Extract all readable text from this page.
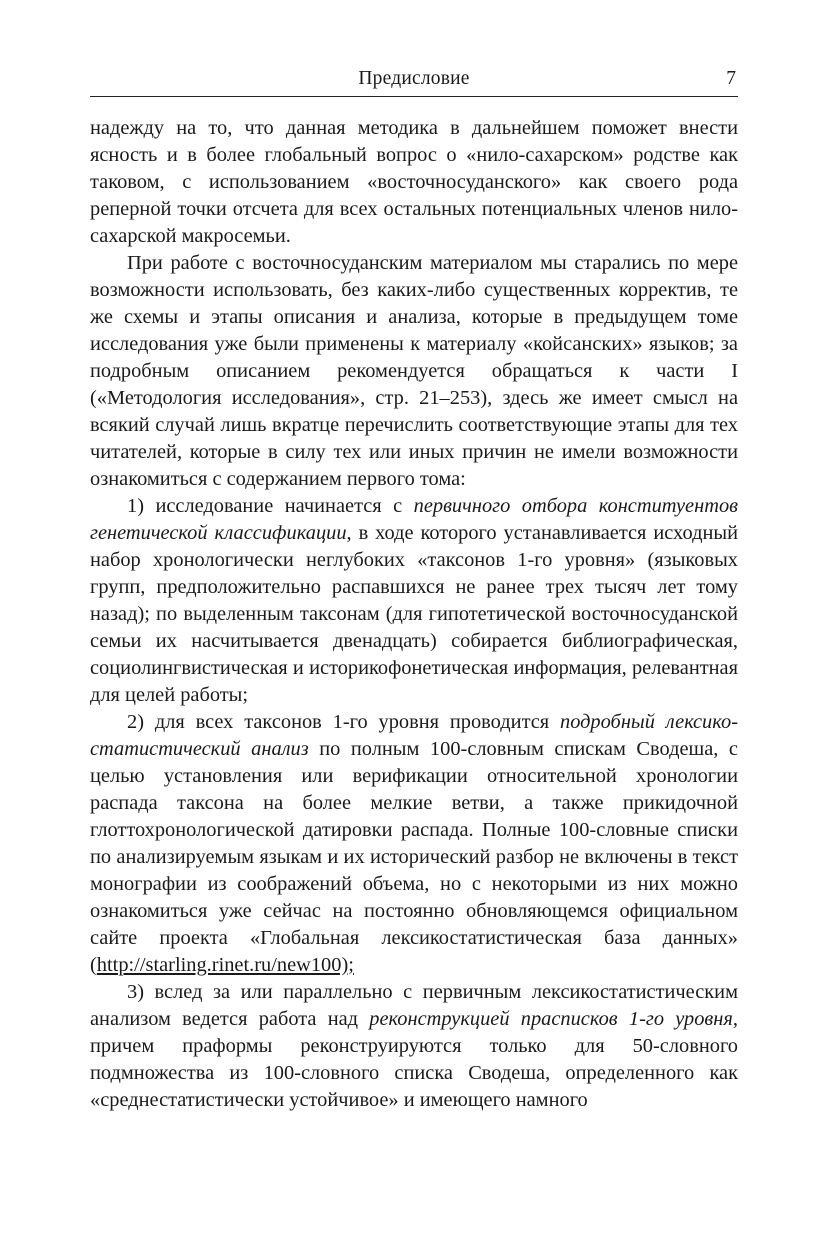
Предисловие	7

надежду на то, что данная методика в дальнейшем поможет внести ясность и в более глобальный вопрос о «нило-сахарском» родстве как таковом, с использованием «восточносуданского» как своего рода реперной точки отсчета для всех остальных потенциальных членов нило-сахарской макросемьи.

При работе с восточносуданским материалом мы старались по мере возможности использовать, без каких-либо существенных корректив, те же схемы и этапы описания и анализа, которые в предыдущем томе исследования уже были применены к материалу «койсанских» языков; за подробным описанием рекомендуется обращаться к части I («Методология исследования», стр. 21–253), здесь же имеет смысл на всякий случай лишь вкратце перечислить соответствующие этапы для тех читателей, которые в силу тех или иных причин не имели возможности ознакомиться с содержанием первого тома:

1) исследование начинается с первичного отбора конституентов генетической классификации, в ходе которого устанавливается исходный набор хронологически неглубоких «таксонов 1-го уровня» (языковых групп, предположительно распавшихся не ранее трех тысяч лет тому назад); по выделенным таксонам (для гипотетической восточносуданской семьи их насчитывается двенадцать) собирается библиографическая, социолингвистическая и историкофонетическая информация, релевантная для целей работы;

2) для всех таксонов 1-го уровня проводится подробный лексикостатистический анализ по полным 100-словным спискам Сводеша, с целью установления или верификации относительной хронологии распада таксона на более мелкие ветви, а также прикидочной глоттохронологической датировки распада. Полные 100-словные списки по анализируемым языкам и их исторический разбор не включены в текст монографии из соображений объема, но с некоторыми из них можно ознакомиться уже сейчас на постоянно обновляющемся официальном сайте проекта «Глобальная лексикостатистическая база данных» (http://starling.rinet.ru/new100);

3) вслед за или параллельно с первичным лексикостатистическим анализом ведется работа над реконструкцией прасписков 1-го уровня, причем праформы реконструируются только для 50-словного подмножества из 100-словного списка Сводеша, определенного как «среднестатистически устойчивое» и имеющего намного
